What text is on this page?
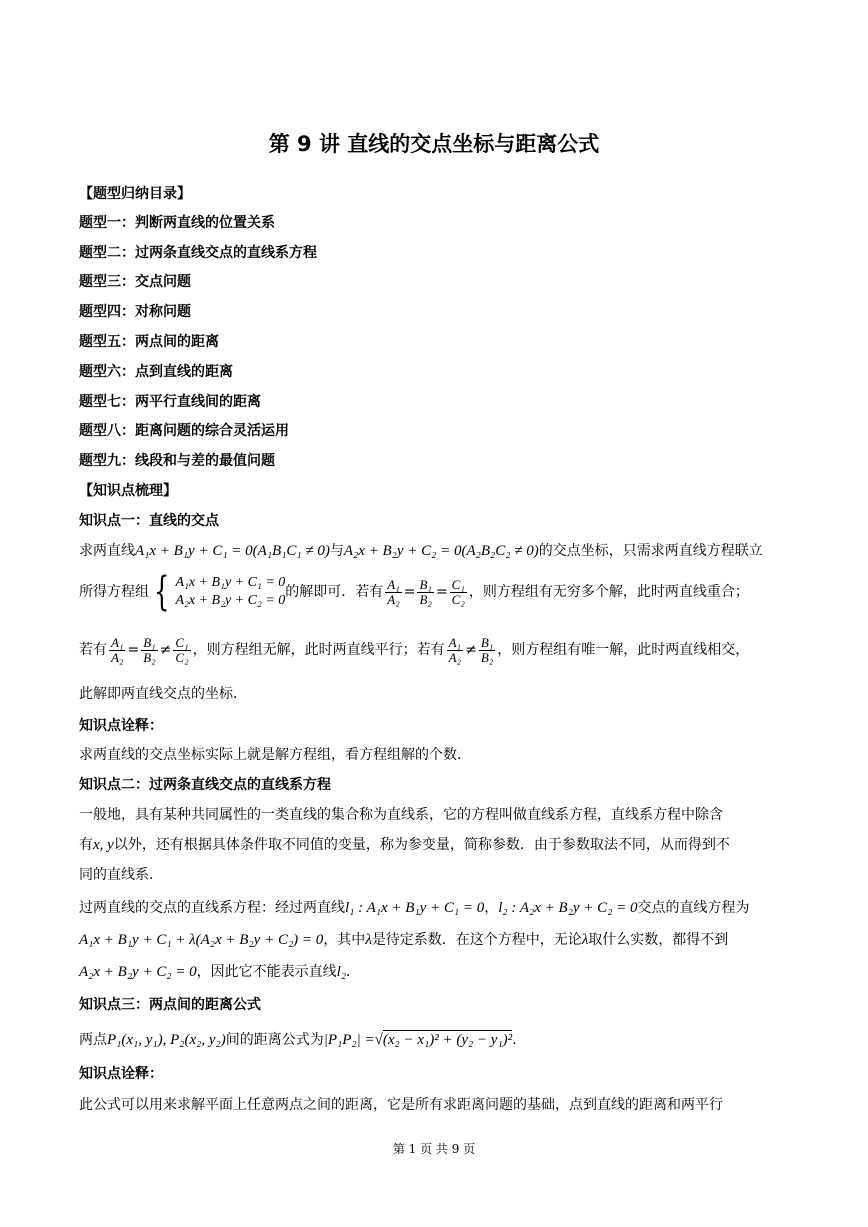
第 9 讲 直线的交点坐标与距离公式
【题型归纳目录】
题型一：判断两直线的位置关系
题型二：过两条直线交点的直线系方程
题型三：交点问题
题型四：对称问题
题型五：两点间的距离
题型六：点到直线的距离
题型七：两平行直线间的距离
题型八：距离问题的综合灵活运用
题型九：线段和与差的最值问题
【知识点梳理】
知识点一：直线的交点
求两直线A₁x + B₁y + C₁ = 0(A₁B₁C₁ ≠ 0)与A₂x + B₂y + C₂ = 0(A₂B₂C₂ ≠ 0)的交点坐标，只需求两直线方程联立
所得方程组 { A₁x + B₁y + C₁ = 0
A₂x + B₂y + C₂ = 0
的解即可．若有 $\frac{\text{A₁}}{\text{A₂}} = \frac{\text{B₁}}{\text{B₂}} = \frac{\text{C₁}}{\text{C₂}}$ ，则方程组有无穷多个解，此时两直线重合；
若有 $\frac{\text{A₁}}{\text{A₂}} = \frac{\text{B₁}}{\text{B₂}} \ne \frac{\text{C₁}}{\text{C₂}}$ ，则方程组无解，此时两直线平行；若有 $\frac{\text{A₁}}{\text{A₂}} \ne \frac{\text{B₁}}{\text{B₂}}$ ，则方程组有唯一解，此时两直线相交，
此解即两直线交点的坐标．
知识点诠释：
求两直线的交点坐标实际上就是解方程组，看方程组解的个数．
知识点二：过两条直线交点的直线系方程
一般地，具有某种共同属性的一类直线的集合称为直线系，它的方程叫做直线系方程，直线系方程中除含
有x, y以外，还有根据具体条件取不同值的变量，称为参变量，简称参数．由于参数取法不同，从而得到不
同的直线系．
过两直线的交点的直线系方程：经过两直线l₁ : A₁x + B₁y + C₁ = 0，l₂ : A₂x + B₂y + C₂ = 0交点的直线方程为
A₁x + B₁y + C₁ + λ(A₂x + B₂y + C₂) = 0，其中λ是待定系数．在这个方程中，无论λ取什么实数，都得不到
A₂x + B₂y + C₂ = 0，因此它不能表示直线l₂．
知识点三：两点间的距离公式
两点P₁(x₁, y₁), P₂(x₂, y₂)间的距离公式为|P₁P₂| =√(x₂ − x₁)² + (y₂ − y₁)²．
知识点诠释：
此公式可以用来求解平面上任意两点之间的距离，它是所有求距离问题的基础，点到直线的距离和两平行
第 1 页 共 9 页
